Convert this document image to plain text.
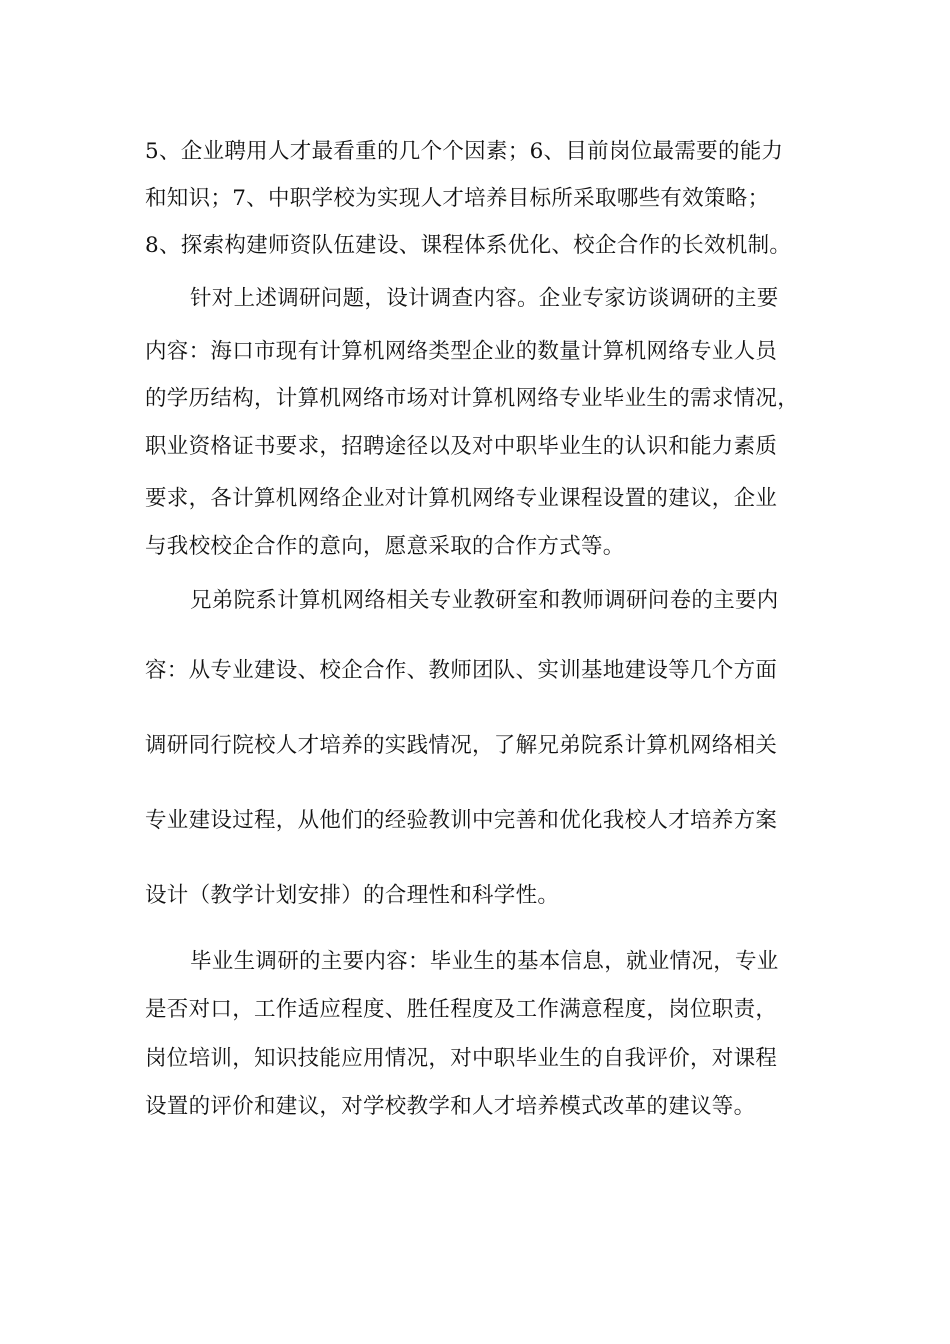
5、企业聘用人才最看重的几个个因素；6、目前岗位最需要的能力
和知识；7、中职学校为实现人才培养目标所采取哪些有效策略；
8、探索构建师资队伍建设、课程体系优化、校企合作的长效机制。
针对上述调研问题，设计调查内容。企业专家访谈调研的主要
内容：海口市现有计算机网络类型企业的数量计算机网络专业人员
的学历结构，计算机网络市场对计算机网络专业毕业生的需求情况，
职业资格证书要求，招聘途径以及对中职毕业生的认识和能力素质
要求，各计算机网络企业对计算机网络专业课程设置的建议，企业
与我校校企合作的意向，愿意采取的合作方式等。
兄弟院系计算机网络相关专业教研室和教师调研问卷的主要内
容：从专业建设、校企合作、教师团队、实训基地建设等几个方面
调研同行院校人才培养的实践情况，了解兄弟院系计算机网络相关
专业建设过程，从他们的经验教训中完善和优化我校人才培养方案
设计（教学计划安排）的合理性和科学性。
毕业生调研的主要内容：毕业生的基本信息，就业情况，专业
是否对口，工作适应程度、胜任程度及工作满意程度，岗位职责，
岗位培训，知识技能应用情况，对中职毕业生的自我评价，对课程
设置的评价和建议，对学校教学和人才培养模式改革的建议等。
